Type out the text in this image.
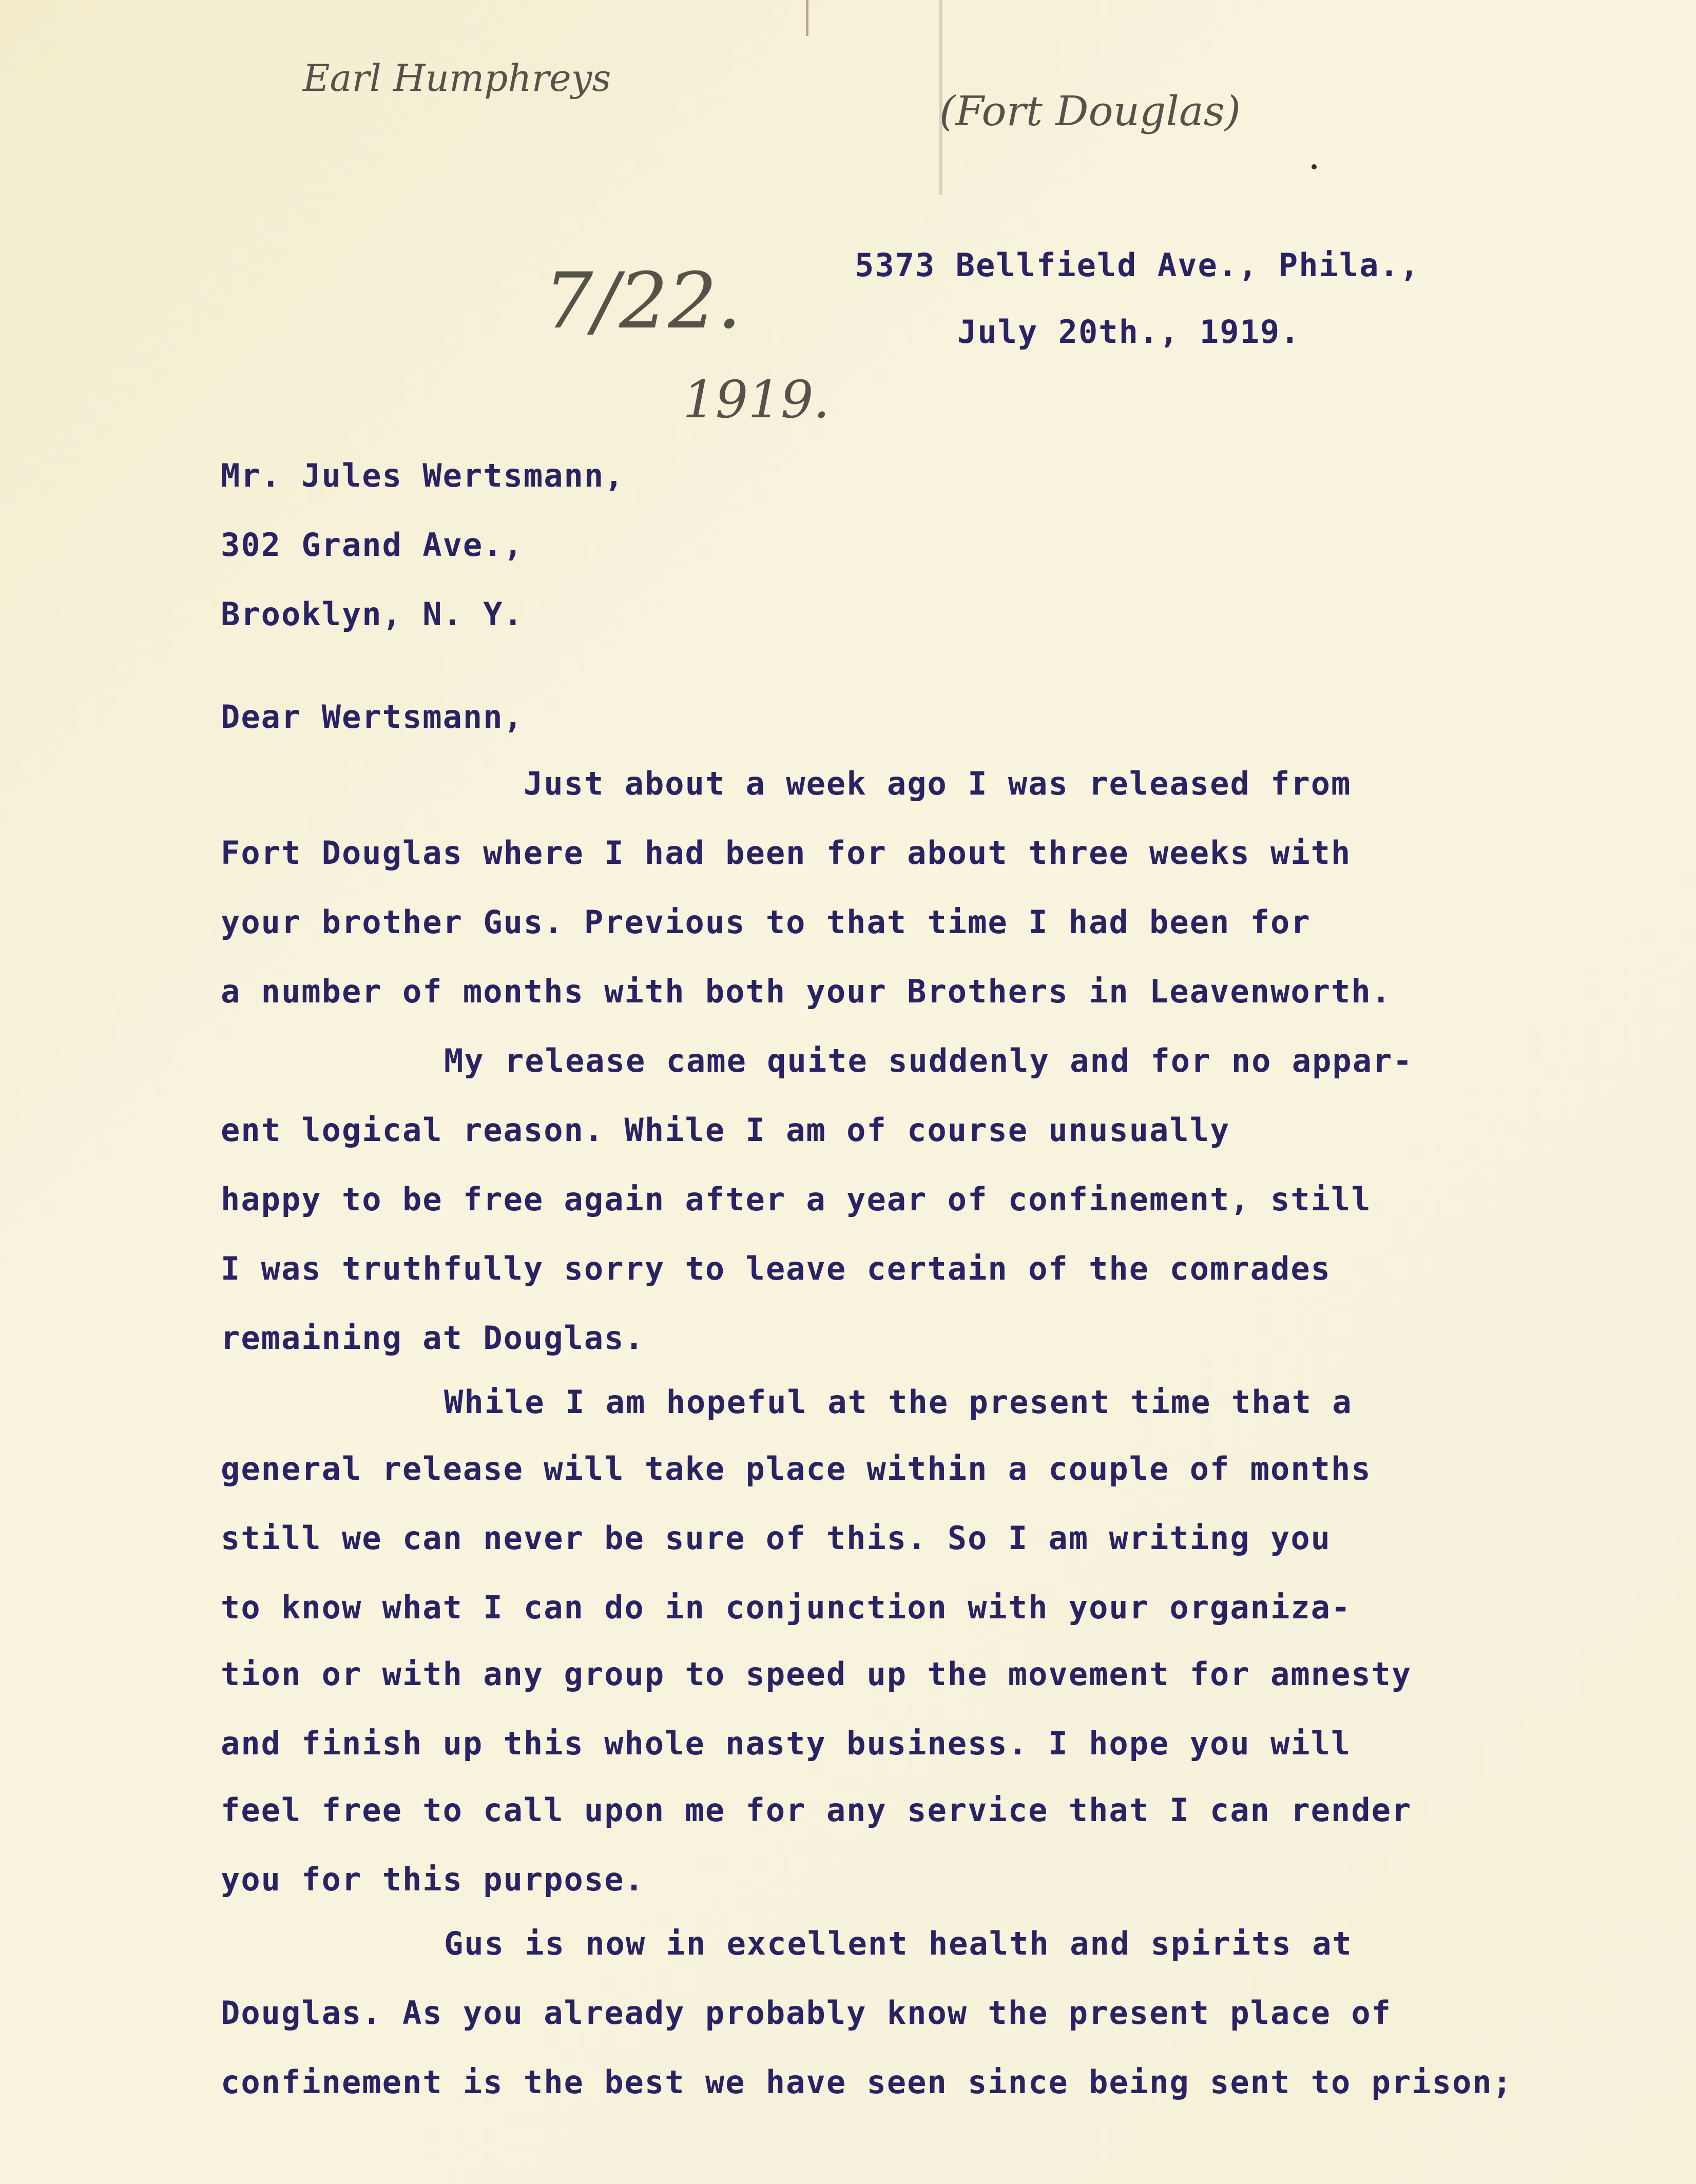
Earl Humphreys
(Fort Douglas)
7/22.
1919.
5373 Bellfield Ave., Phila.,
July 20th., 1919.
Mr. Jules Wertsmann,
302 Grand Ave.,
Brooklyn, N. Y.
Dear Wertsmann,
Just about a week ago I was released from
Fort Douglas where I had been for about three weeks with
your brother Gus. Previous to that time I had been for
a number of months with both your Brothers in Leavenworth.
My release came quite suddenly and for no appar-
ent logical reason. While I am of course unusually
happy to be free again after a year of confinement, still
I was truthfully sorry to leave certain of the comrades
remaining at Douglas.
While I am hopeful at the present time that a
general release will take place within a couple of months
still we can never be sure of this. So I am writing you
to know what I can do in conjunction with your organiza-
tion or with any group to speed up the movement for amnesty
and finish up this whole nasty business. I hope you will
feel free to call upon me for any service that I can render
you for this purpose.
Gus is now in excellent health and spirits at
Douglas. As you already probably know the present place of
confinement is the best we have seen since being sent to prison;
